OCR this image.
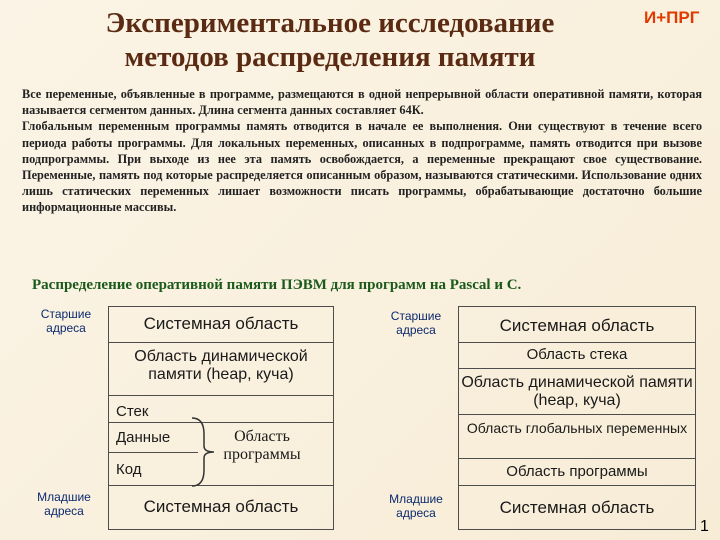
Экспериментальное исследование
методов распределения памяти
И+ПРГ

Все переменные, объявленные в программе, размещаются в одной непрерывной области оперативной памяти, которая называется сегментом данных. Длина сегмента данных составляет 64К.

Глобальным переменным программы память отводится в начале ее выполнения. Они существуют в течение всего периода работы программы. Для локальных переменных, описанных в подпрограмме, память отводится при вызове подпрограммы. При выходе из нее эта память освобождается, а переменные прекращают свое существование. Переменные, память под которые распределяется описанным образом, называются статическими. Использование одних лишь статических переменных лишает возможности писать программы, обрабатывающие достаточно большие информационные массивы.

Распределение оперативной памяти ПЭВМ для программ на Pascal и С.
Старшие адреса	Системная область
Область динамической памяти (heap, куча)
Стек
Данные
Код
Область программы
Системная область
Младшие адреса
Старшие адреса	Системная область
Область стека
Область динамической памяти (heap, куча)
Область глобальных переменных
Область программы
Системная область
Младшие адреса
1
